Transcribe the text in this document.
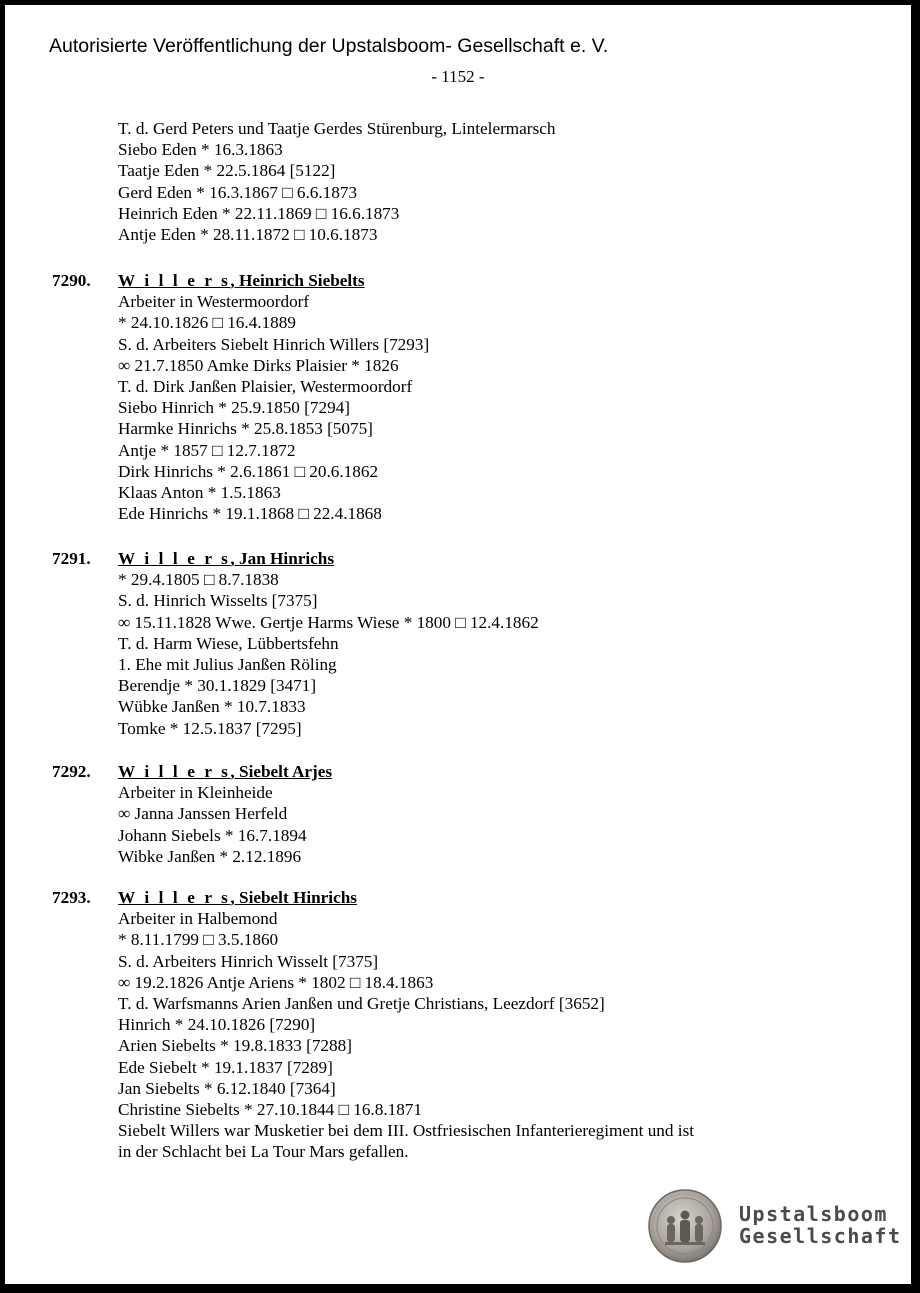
Autorisierte Veröffentlichung der Upstalsboom- Gesellschaft e. V.
- 1152 -
T. d. Gerd Peters und Taatje Gerdes Stürenburg, Lintelermarsch
Siebo Eden * 16.3.1863
Taatje Eden * 22.5.1864 [5122]
Gerd Eden * 16.3.1867 □ 6.6.1873
Heinrich Eden * 22.11.1869 □ 16.6.1873
Antje Eden * 28.11.1872 □ 10.6.1873
7290. W i l l e r s, Heinrich Siebelts
Arbeiter in Westermoordorf
* 24.10.1826 □ 16.4.1889
S. d. Arbeiters Siebelt Hinrich Willers [7293]
∞ 21.7.1850 Amke Dirks Plaisier * 1826
T. d. Dirk Janßen Plaisier, Westermoordorf
Siebo Hinrich * 25.9.1850 [7294]
Harmke Hinrichs * 25.8.1853 [5075]
Antje * 1857 □ 12.7.1872
Dirk Hinrichs * 2.6.1861 □ 20.6.1862
Klaas Anton * 1.5.1863
Ede Hinrichs * 19.1.1868 □ 22.4.1868
7291. W i l l e r s, Jan Hinrichs
* 29.4.1805 □ 8.7.1838
S. d. Hinrich Wisselts [7375]
∞ 15.11.1828 Wwe. Gertje Harms Wiese * 1800 □ 12.4.1862
T. d. Harm Wiese, Lübbertsfehn
1. Ehe mit Julius Janßen Röling
Berendje * 30.1.1829 [3471]
Wübke Janßen * 10.7.1833
Tomke * 12.5.1837 [7295]
7292. W i l l e r s, Siebelt Arjes
Arbeiter in Kleinheide
∞ Janna Janssen Herfeld
Johann Siebels * 16.7.1894
Wibke Janßen * 2.12.1896
7293. W i l l e r s, Siebelt Hinrichs
Arbeiter in Halbemond
* 8.11.1799 □ 3.5.1860
S. d. Arbeiters Hinrich Wisselt [7375]
∞ 19.2.1826 Antje Ariens * 1802 □ 18.4.1863
T. d. Warfsmanns Arien Janßen und Gretje Christians, Leezdorf [3652]
Hinrich * 24.10.1826 [7290]
Arien Siebelts * 19.8.1833 [7288]
Ede Siebelt * 19.1.1837 [7289]
Jan Siebelts * 6.12.1840 [7364]
Christine Siebelts * 27.10.1844 □ 16.8.1871
Siebelt Willers war Musketier bei dem III. Ostfriesischen Infanterieregiment und ist
in der Schlacht bei La Tour Mars gefallen.
Upstalsboom
Gesellschaft
